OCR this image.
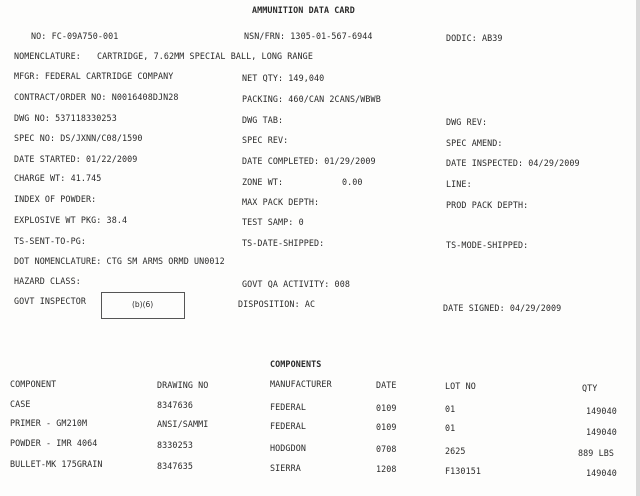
AMMUNITION DATA CARD
NO: FC-09A750-001	NSN/FRN: 1305-01-567-6944	DODIC: AB39
NOMENCLATURE: CARTRIDGE, 7.62MM SPECIAL BALL, LONG RANGE
MFGR: FEDERAL CARTRIDGE COMPANY	NET QTY: 149,040
CONTRACT/ORDER NO: N0016408DJN28	PACKING: 460/CAN 2CANS/WBWB
DWG NO: 537118330253	DWG TAB:	DWG REV:
SPEC NO: DS/JXNN/C08/1590	SPEC REV:	SPEC AMEND:
DATE STARTED: 01/22/2009	DATE COMPLETED: 01/29/2009	DATE INSPECTED: 04/29/2009
CHARGE WT: 41.745	ZONE WT:	0.00	LINE:
INDEX OF POWDER:	MAX PACK DEPTH:	PROD PACK DEPTH:
EXPLOSIVE WT PKG: 38.4	TEST SAMP: 0
TS-SENT-TO-PG:	TS-DATE-SHIPPED:	TS-MODE-SHIPPED:
DOT NOMENCLATURE: CTG SM ARMS ORMD UN0012
HAZARD CLASS:	GOVT QA ACTIVITY: 008
GOVT INSPECTOR	(b)(6)	DISPOSITION: AC	DATE SIGNED: 04/29/2009
COMPONENTS
COMPONENT	DRAWING NO	MANUFACTURER	DATE	LOT NO	QTY
CASE	8347636	FEDERAL	0109	01	149040
PRIMER - GM210M	ANSI/SAMMI	FEDERAL	0109	01	149040
POWDER - IMR 4064	8330253	HODGDON	0708	2625	889 LBS
BULLET-MK 175GRAIN	8347635	SIERRA	1208	F130151	149040
